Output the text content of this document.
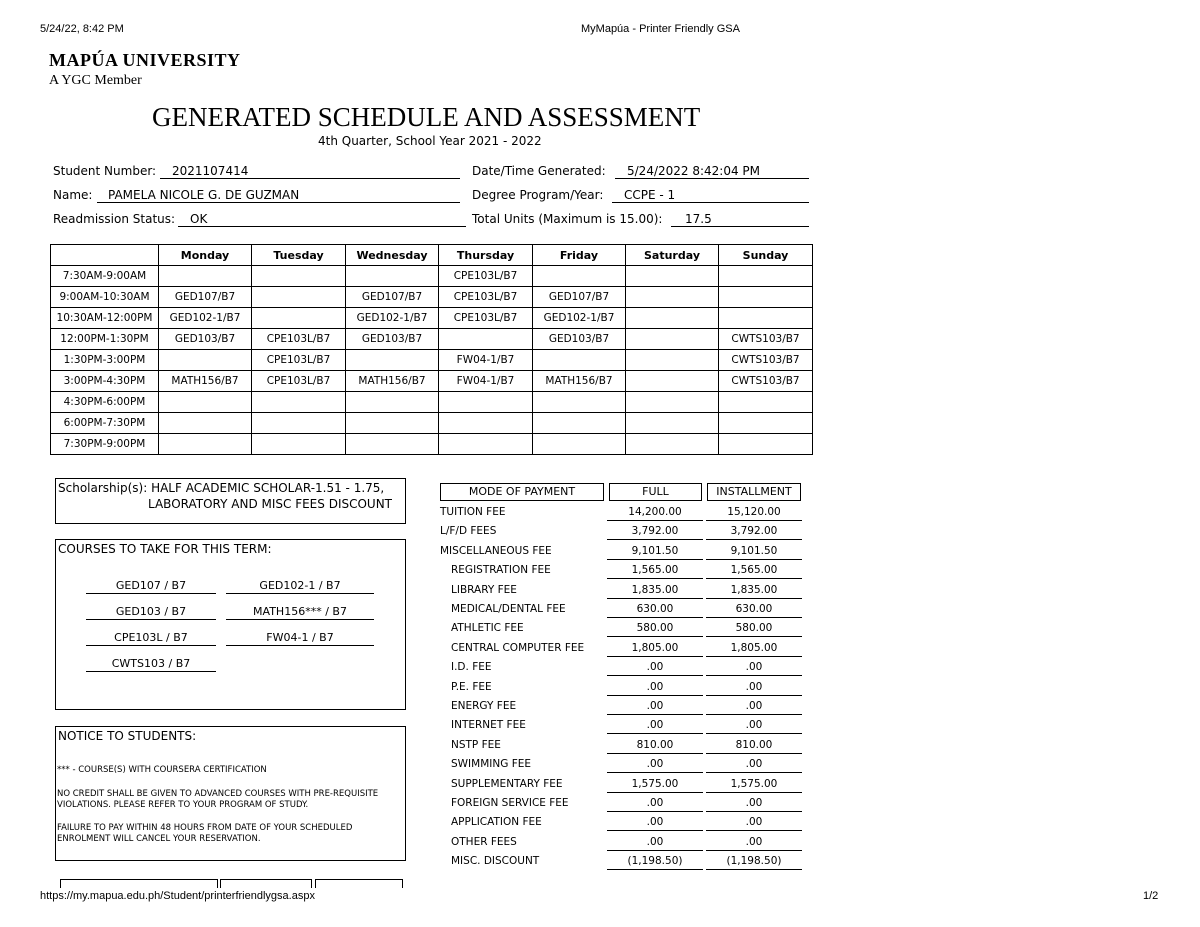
5/24/22, 8:42 PM	MyMapúa - Printer Friendly GSA
https://my.mapua.edu.ph/Student/printerfriendlygsa.aspx	1/2
MAPÚA UNIVERSITY
A YGC Member
GENERATED SCHEDULE AND ASSESSMENT
4th Quarter, School Year 2021 - 2022
Student Number:	2021107414
Name:	PAMELA NICOLE G. DE GUZMAN
Readmission Status:	OK
Date/Time Generated:	5/24/2022 8:42:04 PM
Degree Program/Year:	CCPE - 1
Total Units (Maximum is 15.00):	17.5
	Monday	Tuesday	Wednesday	Thursday	Friday	Saturday	Sunday
7:30AM-9:00AM				CPE103L/B7			
9:00AM-10:30AM	GED107/B7		GED107/B7	CPE103L/B7	GED107/B7		
10:30AM-12:00PM	GED102-1/B7		GED102-1/B7	CPE103L/B7	GED102-1/B7		
12:00PM-1:30PM	GED103/B7	CPE103L/B7	GED103/B7		GED103/B7		CWTS103/B7
1:30PM-3:00PM		CPE103L/B7		FW04-1/B7			CWTS103/B7
3:00PM-4:30PM	MATH156/B7	CPE103L/B7	MATH156/B7	FW04-1/B7	MATH156/B7		CWTS103/B7
4:30PM-6:00PM							
6:00PM-7:30PM							
7:30PM-9:00PM							
Scholarship(s): HALF ACADEMIC SCHOLAR-1.51 - 1.75,
LABORATORY AND MISC FEES DISCOUNT
COURSES TO TAKE FOR THIS TERM:
GED107 / B7	GED102-1 / B7
GED103 / B7	MATH156*** / B7
CPE103L / B7	FW04-1 / B7
CWTS103 / B7
NOTICE TO STUDENTS:
*** - COURSE(S) WITH COURSERA CERTIFICATION
NO CREDIT SHALL BE GIVEN TO ADVANCED COURSES WITH PRE-REQUISITE VIOLATIONS. PLEASE REFER TO YOUR PROGRAM OF STUDY.
FAILURE TO PAY WITHIN 48 HOURS FROM DATE OF YOUR SCHEDULED ENROLMENT WILL CANCEL YOUR RESERVATION.
MODE OF PAYMENT	FULL	INSTALLMENT
TUITION FEE	14,200.00	15,120.00
L/F/D FEES	3,792.00	3,792.00
MISCELLANEOUS FEE	9,101.50	9,101.50
REGISTRATION FEE	1,565.00	1,565.00
LIBRARY FEE	1,835.00	1,835.00
MEDICAL/DENTAL FEE	630.00	630.00
ATHLETIC FEE	580.00	580.00
CENTRAL COMPUTER FEE	1,805.00	1,805.00
I.D. FEE	.00	.00
P.E. FEE	.00	.00
ENERGY FEE	.00	.00
INTERNET FEE	.00	.00
NSTP FEE	810.00	810.00
SWIMMING FEE	.00	.00
SUPPLEMENTARY FEE	1,575.00	1,575.00
FOREIGN SERVICE FEE	.00	.00
APPLICATION FEE	.00	.00
OTHER FEES	.00	.00
MISC. DISCOUNT	(1,198.50)	(1,198.50)
